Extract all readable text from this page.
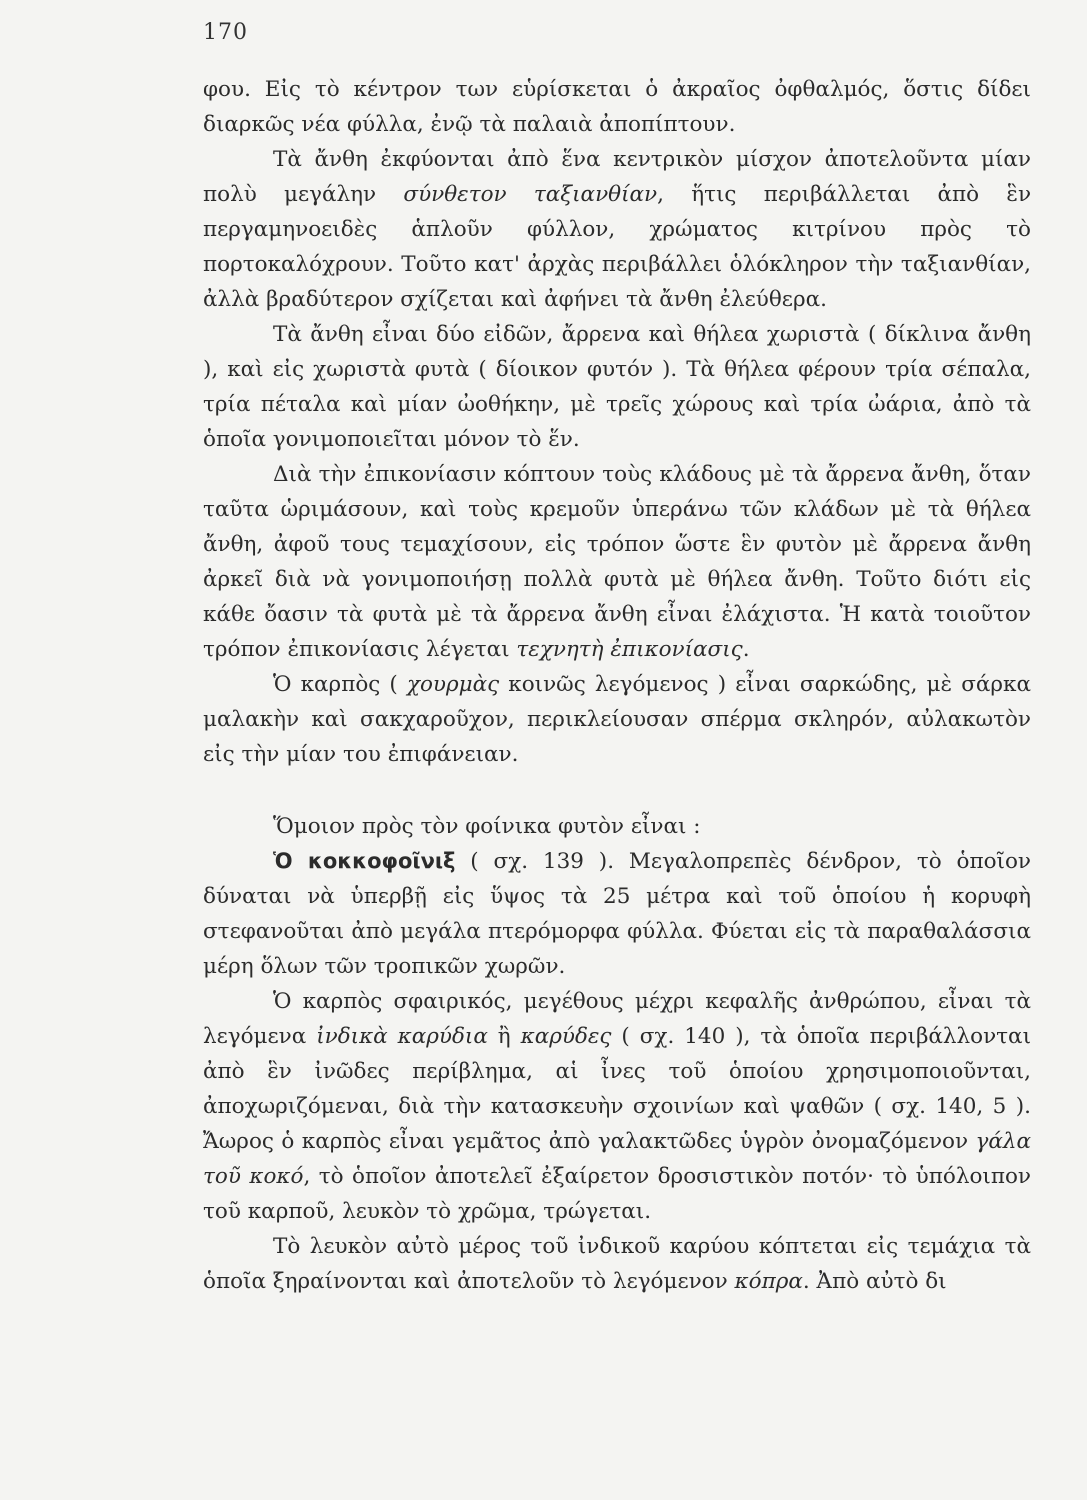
170

φου. Εἰς τὸ κέντρον των εὑρίσκεται ὁ ἀκραῖος ὀφθαλμός, ὅστις δίδει διαρκῶς νέα φύλλα, ἐνῷ τὰ παλαιὰ ἀποπίπτουν.

Τὰ ἄνθη ἐκφύονται ἀπὸ ἕνα κεντρικὸν μίσχον ἀποτελοῦντα μίαν πολὺ μεγάλην σύνθετον ταξιανθίαν, ἥτις περιβάλλεται ἀπὸ ἓν περγαμηνοειδὲς ἁπλοῦν φύλλον, χρώματος κιτρίνου πρὸς τὸ πορτοκαλόχρουν. Τοῦτο κατ' ἀρχὰς περιβάλλει ὁλόκληρον τὴν ταξιανθίαν, ἀλλὰ βραδύτερον σχίζεται καὶ ἀφήνει τὰ ἄνθη ἐλεύθερα.

Τὰ ἄνθη εἶναι δύο εἰδῶν, ἄρρενα καὶ θήλεα χωριστὰ ( δίκλινα ἄνθη ), καὶ εἰς χωριστὰ φυτὰ ( δίοικον φυτόν ). Τὰ θήλεα φέρουν τρία σέπαλα, τρία πέταλα καὶ μίαν ὠοθήκην, μὲ τρεῖς χώρους καὶ τρία ὠάρια, ἀπὸ τὰ ὁποῖα γονιμοποιεῖται μόνον τὸ ἕν.

Διὰ τὴν ἐπικονίασιν κόπτουν τοὺς κλάδους μὲ τὰ ἄρρενα ἄνθη, ὅταν ταῦτα ὡριμάσουν, καὶ τοὺς κρεμοῦν ὑπεράνω τῶν κλάδων μὲ τὰ θήλεα ἄνθη, ἀφοῦ τους τεμαχίσουν, εἰς τρόπον ὥστε ἓν φυτὸν μὲ ἄρρενα ἄνθη ἀρκεῖ διὰ νὰ γονιμοποιήσῃ πολλὰ φυτὰ μὲ θήλεα ἄνθη. Τοῦτο διότι εἰς κάθε ὄασιν τὰ φυτὰ μὲ τὰ ἄρρενα ἄνθη εἶναι ἐλάχιστα. Ἡ κατὰ τοιοῦτον τρόπον ἐπικονίασις λέγεται τεχνητὴ ἐπικονίασις.

Ὁ καρπὸς ( χουρμὰς κοινῶς λεγόμενος ) εἶναι σαρκώδης, μὲ σάρκα μαλακὴν καὶ σακχαροῦχον, περικλείουσαν σπέρμα σκληρόν, αὐλακωτὸν εἰς τὴν μίαν του ἐπιφάνειαν.

Ὅμοιον πρὸς τὸν φοίνικα φυτὸν εἶναι :

Ὁ κοκκοφοῖνιξ ( σχ. 139 ). Μεγαλοπρεπὲς δένδρον, τὸ ὁποῖον δύναται νὰ ὑπερβῇ εἰς ὕψος τὰ 25 μέτρα καὶ τοῦ ὁποίου ἡ κορυφὴ στεφανοῦται ἀπὸ μεγάλα πτερόμορφα φύλλα. Φύεται εἰς τὰ παραθαλάσσια μέρη ὅλων τῶν τροπικῶν χωρῶν.

Ὁ καρπὸς σφαιρικός, μεγέθους μέχρι κεφαλῆς ἀνθρώπου, εἶναι τὰ λεγόμενα ἰνδικὰ καρύδια ἢ καρύδες ( σχ. 140 ), τὰ ὁποῖα περιβάλλονται ἀπὸ ἓν ἰνῶδες περίβλημα, αἱ ἶνες τοῦ ὁποίου χρησιμοποιοῦνται, ἀποχωριζόμεναι, διὰ τὴν κατασκευὴν σχοινίων καὶ ψαθῶν ( σχ. 140, 5 ). Ἄωρος ὁ καρπὸς εἶναι γεμᾶτος ἀπὸ γαλακτῶδες ὑγρὸν ὀνομαζόμενον γάλα τοῦ κοκό, τὸ ὁποῖον ἀποτελεῖ ἐξαίρετον δροσιστικὸν ποτόν· τὸ ὑπόλοιπον τοῦ καρποῦ, λευκὸν τὸ χρῶμα, τρώγεται.

Τὸ λευκὸν αὐτὸ μέρος τοῦ ἰνδικοῦ καρύου κόπτεται εἰς τεμάχια τὰ ὁποῖα ξηραίνονται καὶ ἀποτελοῦν τὸ λεγόμενον κόπρα. Ἀπὸ αὐτὸ δι
